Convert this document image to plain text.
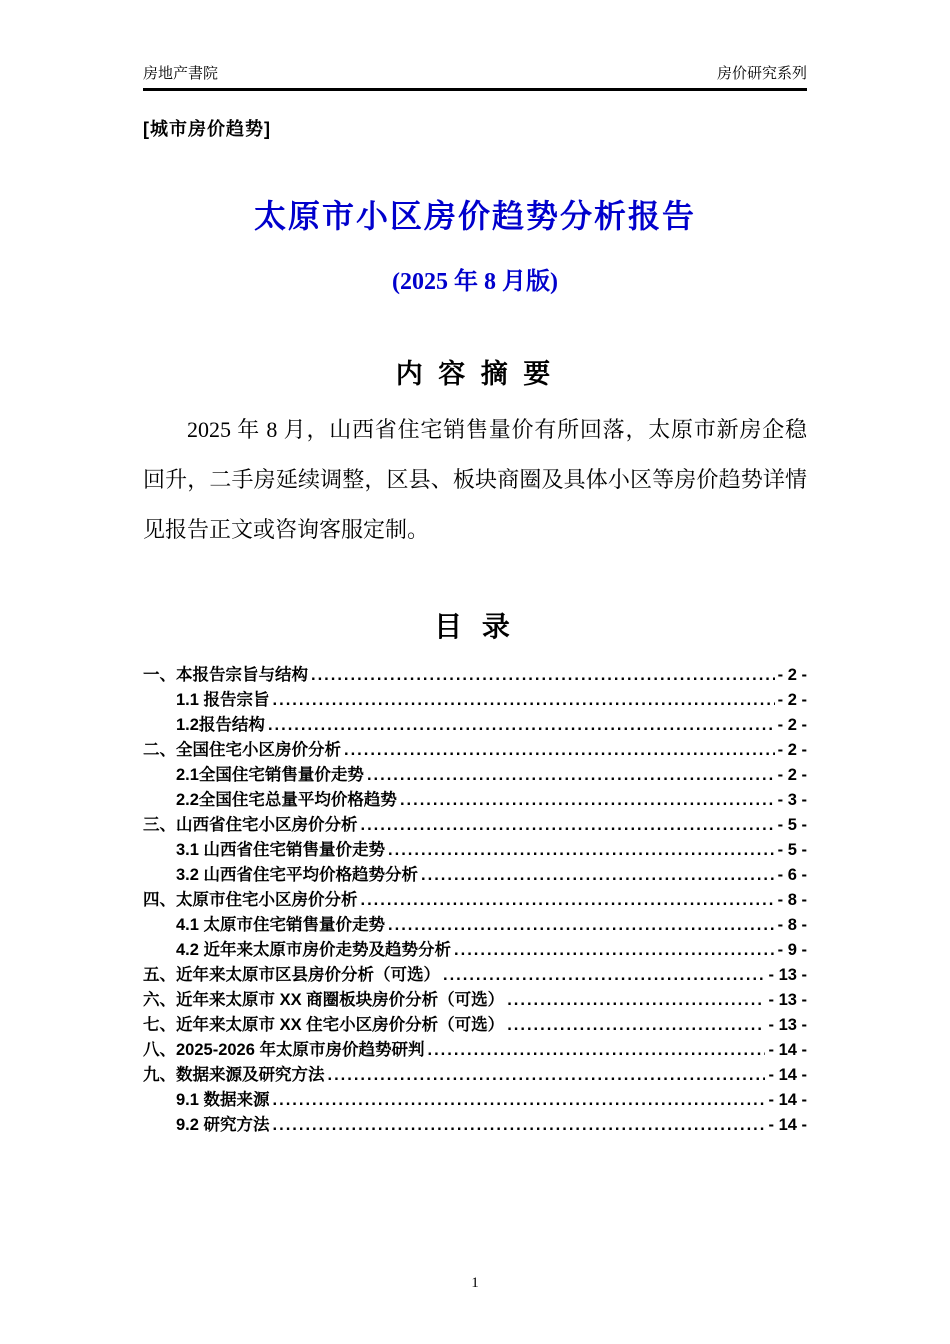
房地产書院	房价研究系列
[城市房价趋势]
太原市小区房价趋势分析报告
(2025 年 8 月版)
内 容 摘 要

2025 年 8 月，山西省住宅销售量价有所回落，太原市新房企稳回升，二手房延续调整，区县、板块商圈及具体小区等房价趋势详情见报告正文或咨询客服定制。

目 录
一、本报告宗旨与结构 .....	- 2 -
1.1 报告宗旨 .....	- 2 -
1.2报告结构 .....	- 2 -
二、全国住宅小区房价分析 .....	- 2 -
2.1全国住宅销售量价走势 .....	- 2 -
2.2全国住宅总量平均价格趋势 .....	- 3 -
三、山西省住宅小区房价分析 .....	- 5 -
3.1 山西省住宅销售量价走势 .....	- 5 -
3.2 山西省住宅平均价格趋势分析 .....	- 6 -
四、太原市住宅小区房价分析 .....	- 8 -
4.1 太原市住宅销售量价走势 .....	- 8 -
4.2 近年来太原市房价走势及趋势分析 .....	- 9 -
五、近年来太原市区县房价分析（可选） .....	- 13 -
六、近年来太原市 XX 商圈板块房价分析（可选） .....	- 13 -
七、近年来太原市 XX 住宅小区房价分析（可选） .....	- 13 -
八、2025-2026 年太原市房价趋势研判 .....	- 14 -
九、数据来源及研究方法 .....	- 14 -
9.1 数据来源 .....	- 14 -
9.2 研究方法 .....	- 14 -
1
